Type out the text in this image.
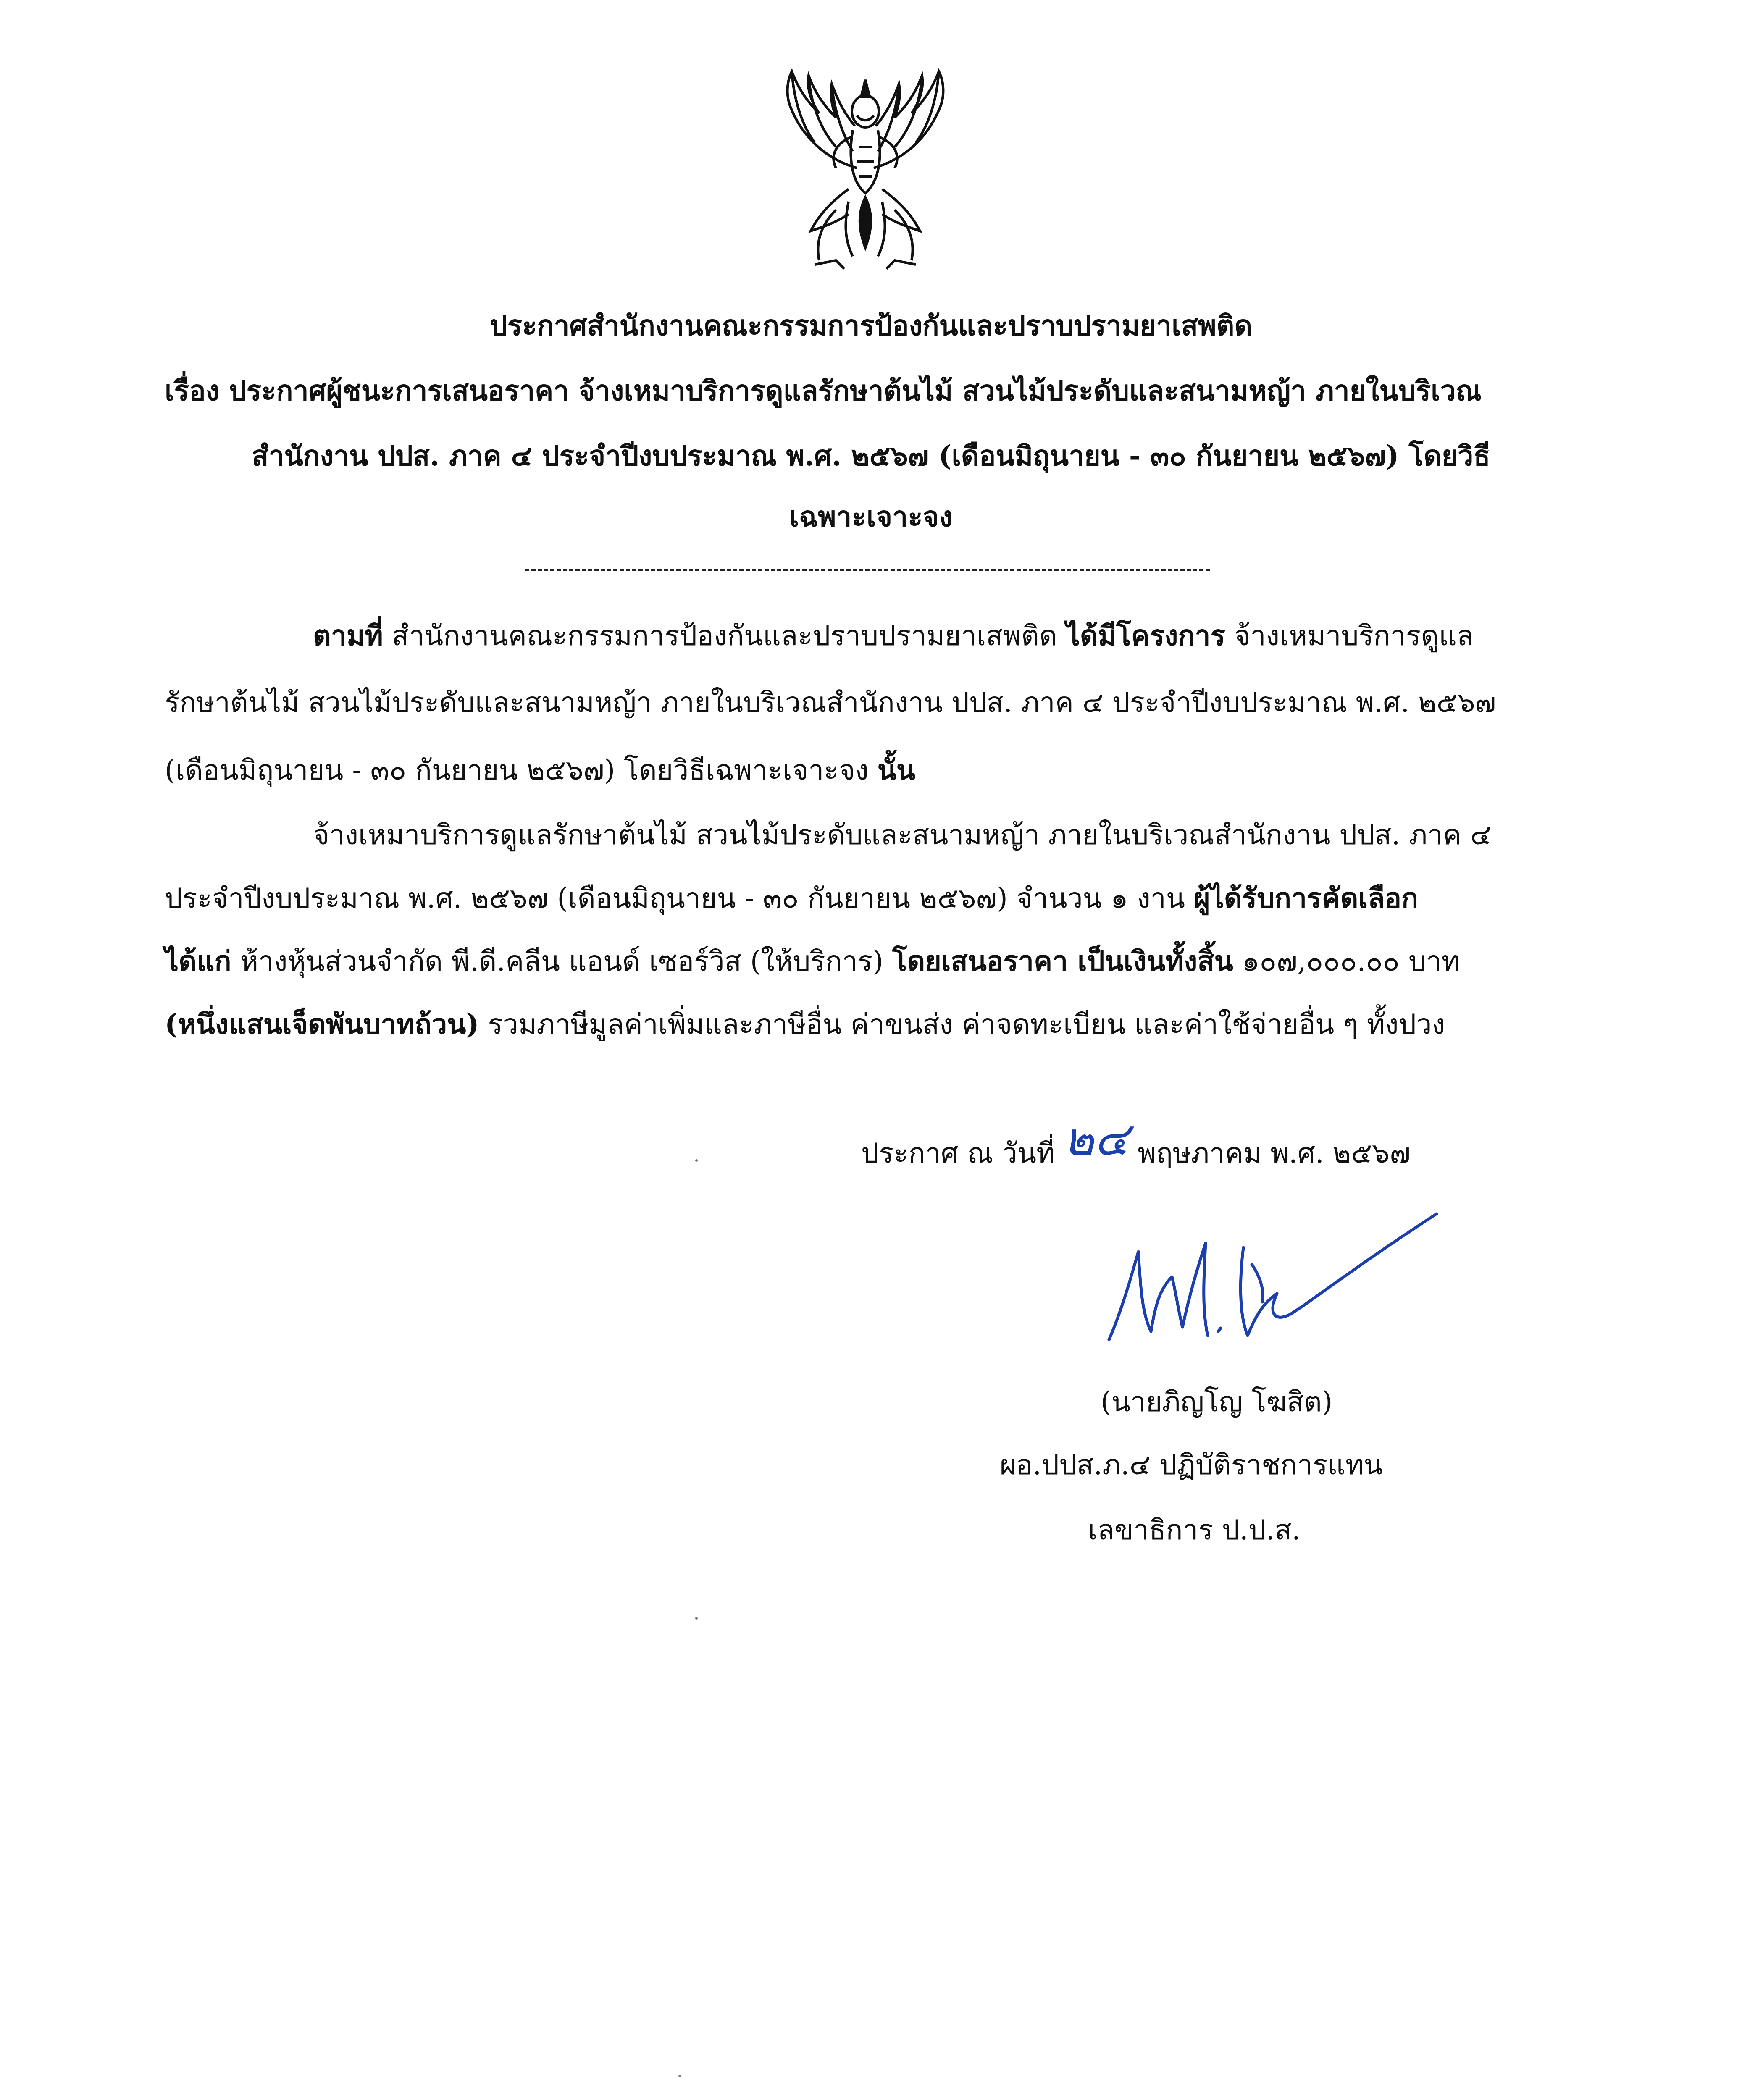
ประกาศสำนักงานคณะกรรมการป้องกันและปราบปรามยาเสพติด
เรื่อง ประกาศผู้ชนะการเสนอราคา จ้างเหมาบริการดูแลรักษาต้นไม้ สวนไม้ประดับและสนามหญ้า ภายในบริเวณ
สำนักงาน ปปส. ภาค ๔ ประจำปีงบประมาณ พ.ศ. ๒๕๖๗ (เดือนมิถุนายน - ๓๐ กันยายน ๒๕๖๗) โดยวิธี
เฉพาะเจาะจง
ตามที่ สำนักงานคณะกรรมการป้องกันและปราบปรามยาเสพติด ได้มีโครงการ จ้างเหมาบริการดูแล
รักษาต้นไม้ สวนไม้ประดับและสนามหญ้า ภายในบริเวณสำนักงาน ปปส. ภาค ๔ ประจำปีงบประมาณ พ.ศ. ๒๕๖๗
(เดือนมิถุนายน - ๓๐ กันยายน ๒๕๖๗) โดยวิธีเฉพาะเจาะจง นั้น
จ้างเหมาบริการดูแลรักษาต้นไม้ สวนไม้ประดับและสนามหญ้า ภายในบริเวณสำนักงาน ปปส. ภาค ๔
ประจำปีงบประมาณ พ.ศ. ๒๕๖๗ (เดือนมิถุนายน - ๓๐ กันยายน ๒๕๖๗) จำนวน ๑ งาน ผู้ได้รับการคัดเลือก
ได้แก่ ห้างหุ้นส่วนจำกัด พี.ดี.คลีน แอนด์ เซอร์วิส (ให้บริการ) โดยเสนอราคา เป็นเงินทั้งสิ้น ๑๐๗,๐๐๐.๐๐ บาท
(หนึ่งแสนเจ็ดพันบาทถ้วน) รวมภาษีมูลค่าเพิ่มและภาษีอื่น ค่าขนส่ง ค่าจดทะเบียน และค่าใช้จ่ายอื่น ๆ ทั้งปวง
ประกาศ ณ วันที่ ๒๔ พฤษภาคม พ.ศ. ๒๕๖๗
(นายภิญโญ โฆสิต)
ผอ.ปปส.ภ.๔ ปฏิบัติราชการแทน
เลขาธิการ ป.ป.ส.
